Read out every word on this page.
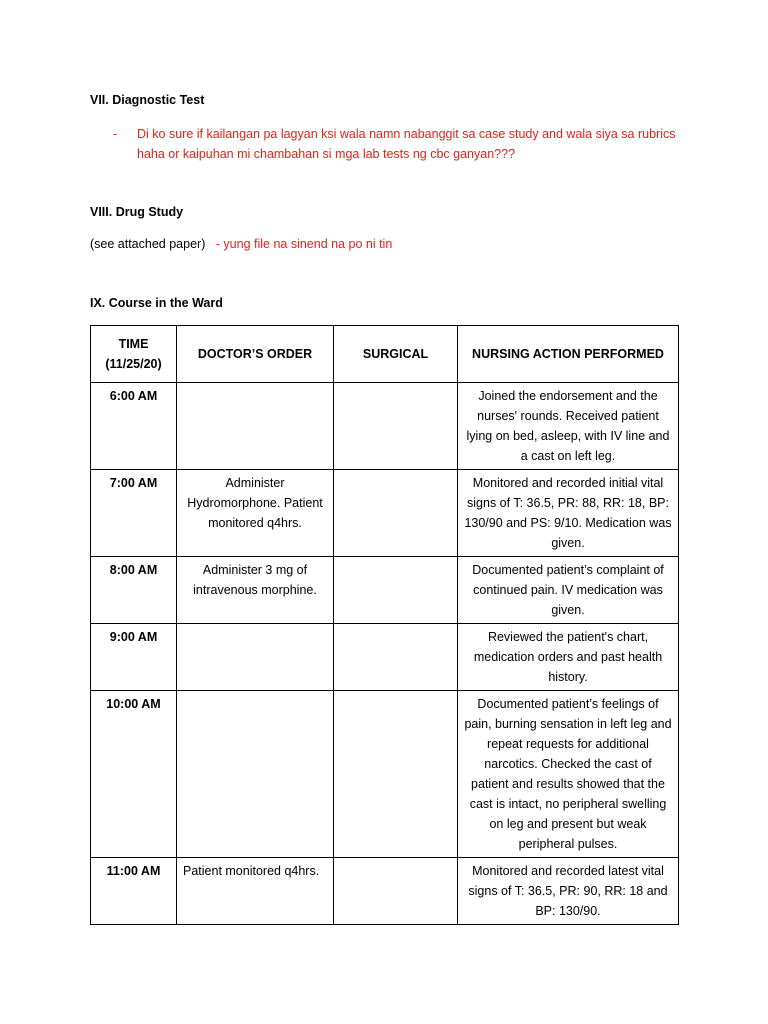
VII. Diagnostic Test
- Di ko sure if kailangan pa lagyan ksi wala namn nabanggit sa case study and wala siya sa rubrics
haha or kaipuhan mi chambahan si mga lab tests ng cbc ganyan???
VIII. Drug Study
(see attached paper) - yung file na sinend na po ni tin
IX. Course in the Ward
TIME
(11/25/20)	DOCTOR’S ORDER	SURGICAL	NURSING ACTION PERFORMED
6:00 AM			Joined the endorsement and the nurses' rounds. Received patient lying on bed, asleep, with IV line and a cast on left leg.
7:00 AM	Administer Hydromorphone. Patient monitored q4hrs.		Monitored and recorded initial vital signs of T: 36.5, PR: 88, RR: 18, BP: 130/90 and PS: 9/10. Medication was given.
8:00 AM	Administer 3 mg of intravenous morphine.		Documented patient’s complaint of continued pain. IV medication was given.
9:00 AM			Reviewed the patient's chart, medication orders and past health history.
10:00 AM			Documented patient’s feelings of pain, burning sensation in left leg and repeat requests for additional narcotics. Checked the cast of patient and results showed that the cast is intact, no peripheral swelling on leg and present but weak peripheral pulses.
11:00 AM	Patient monitored q4hrs.		Monitored and recorded latest vital signs of T: 36.5, PR: 90, RR: 18 and BP: 130/90.
